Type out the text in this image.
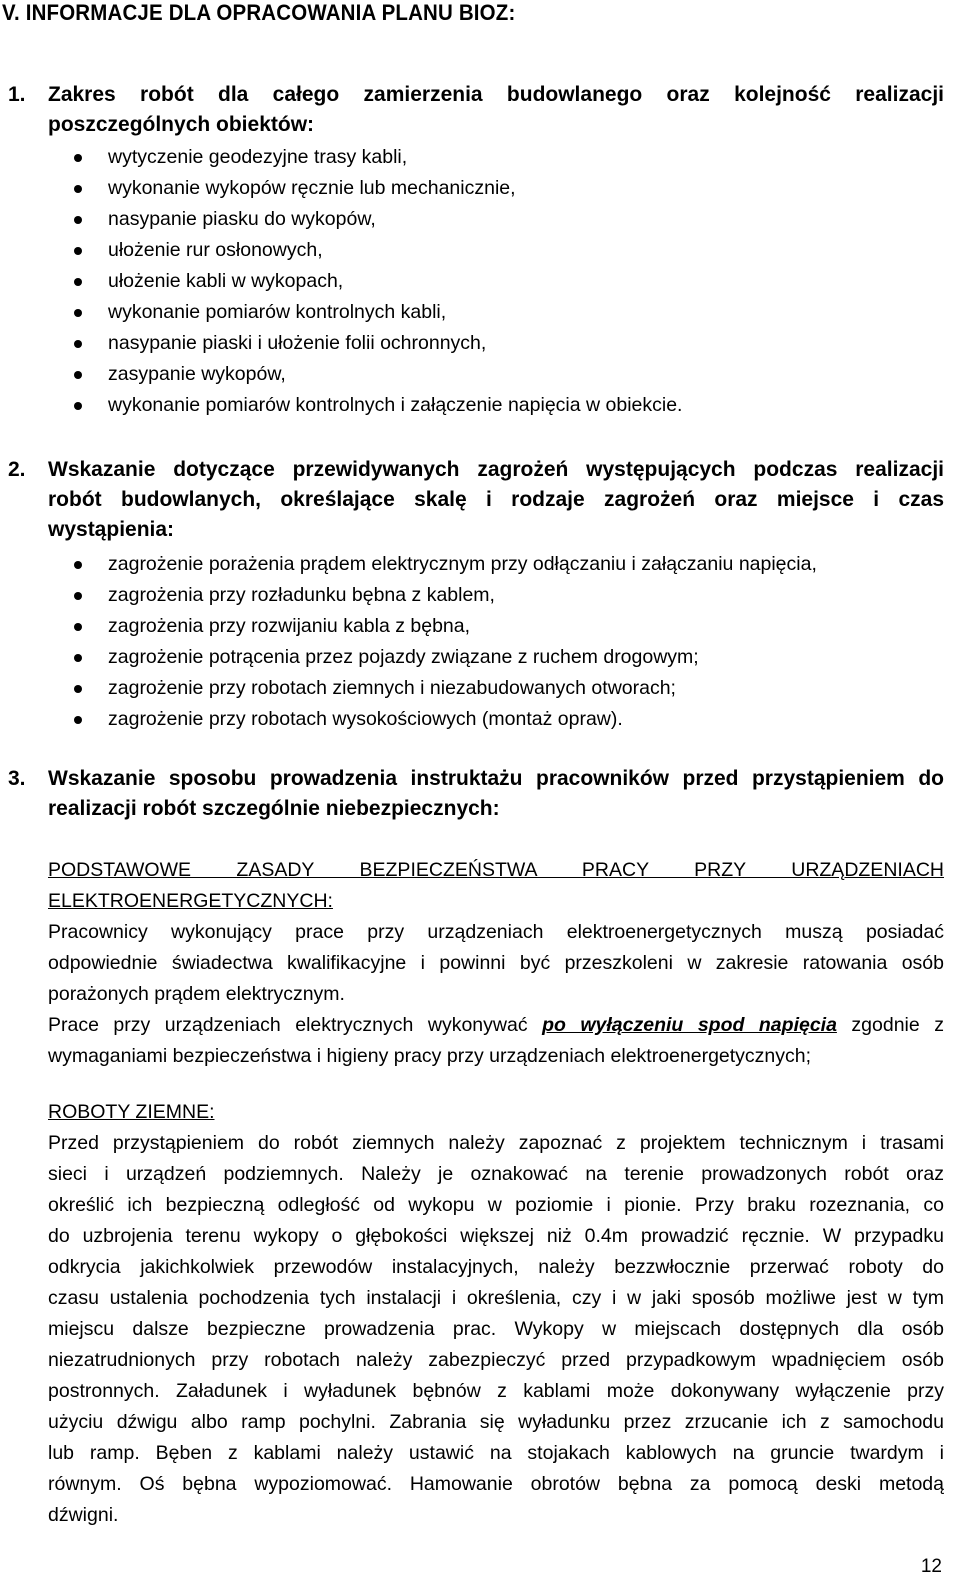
V. INFORMACJE DLA OPRACOWANIA PLANU BIOZ:
1. Zakres robót dla całego zamierzenia budowlanego oraz kolejność realizacji
poszczególnych obiektów:
wytyczenie geodezyjne trasy kabli,
wykonanie wykopów ręcznie lub mechanicznie,
nasypanie piasku do wykopów,
ułożenie rur osłonowych,
ułożenie kabli w wykopach,
wykonanie pomiarów kontrolnych kabli,
nasypanie piaski i ułożenie folii ochronnych,
zasypanie wykopów,
wykonanie pomiarów kontrolnych i załączenie napięcia w obiekcie.
2. Wskazanie dotyczące przewidywanych zagrożeń występujących podczas realizacji
robót budowlanych, określające skalę i rodzaje zagrożeń oraz miejsce i czas
wystąpienia:
zagrożenie porażenia prądem elektrycznym przy odłączaniu i załączaniu napięcia,
zagrożenia przy rozładunku bębna z kablem,
zagrożenia przy rozwijaniu kabla z bębna,
zagrożenie potrącenia przez pojazdy związane z ruchem drogowym;
zagrożenie przy robotach ziemnych i niezabudowanych otworach;
zagrożenie przy robotach wysokościowych (montaż opraw).
3. Wskazanie sposobu prowadzenia instruktażu pracowników przed przystąpieniem do
realizacji robót szczególnie niebezpiecznych:
PODSTAWOWE ZASADY BEZPIECZEŃSTWA PRACY PRZY URZĄDZENIACH
ELEKTROENERGETYCZNYCH:
Pracownicy wykonujący prace przy urządzeniach elektroenergetycznych muszą posiadać
odpowiednie świadectwa kwalifikacyjne i powinni być przeszkoleni w zakresie ratowania osób
porażonych prądem elektrycznym.
Prace przy urządzeniach elektrycznych wykonywać po wyłączeniu spod napięcia zgodnie z
wymaganiami bezpieczeństwa i higieny pracy przy urządzeniach elektroenergetycznych;
ROBOTY ZIEMNE:
Przed przystąpieniem do robót ziemnych należy zapoznać z projektem technicznym i trasami
sieci i urządzeń podziemnych. Należy je oznakować na terenie prowadzonych robót oraz
określić ich bezpieczną odległość od wykopu w poziomie i pionie. Przy braku rozeznania, co
do uzbrojenia terenu wykopy o głębokości większej niż 0.4m prowadzić ręcznie. W przypadku
odkrycia jakichkolwiek przewodów instalacyjnych, należy bezzwłocznie przerwać roboty do
czasu ustalenia pochodzenia tych instalacji i określenia, czy i w jaki sposób możliwe jest w tym
miejscu dalsze bezpieczne prowadzenia prac. Wykopy w miejscach dostępnych dla osób
niezatrudnionych przy robotach należy zabezpieczyć przed przypadkowym wpadnięciem osób
postronnych. Załadunek i wyładunek bębnów z kablami może dokonywany wyłączenie przy
użyciu dźwigu albo ramp pochylni. Zabrania się wyładunku przez zrzucanie ich z samochodu
lub ramp. Bęben z kablami należy ustawić na stojakach kablowych na gruncie twardym i
równym. Oś bębna wypoziomować. Hamowanie obrotów bębna za pomocą deski metodą
dźwigni.
12
